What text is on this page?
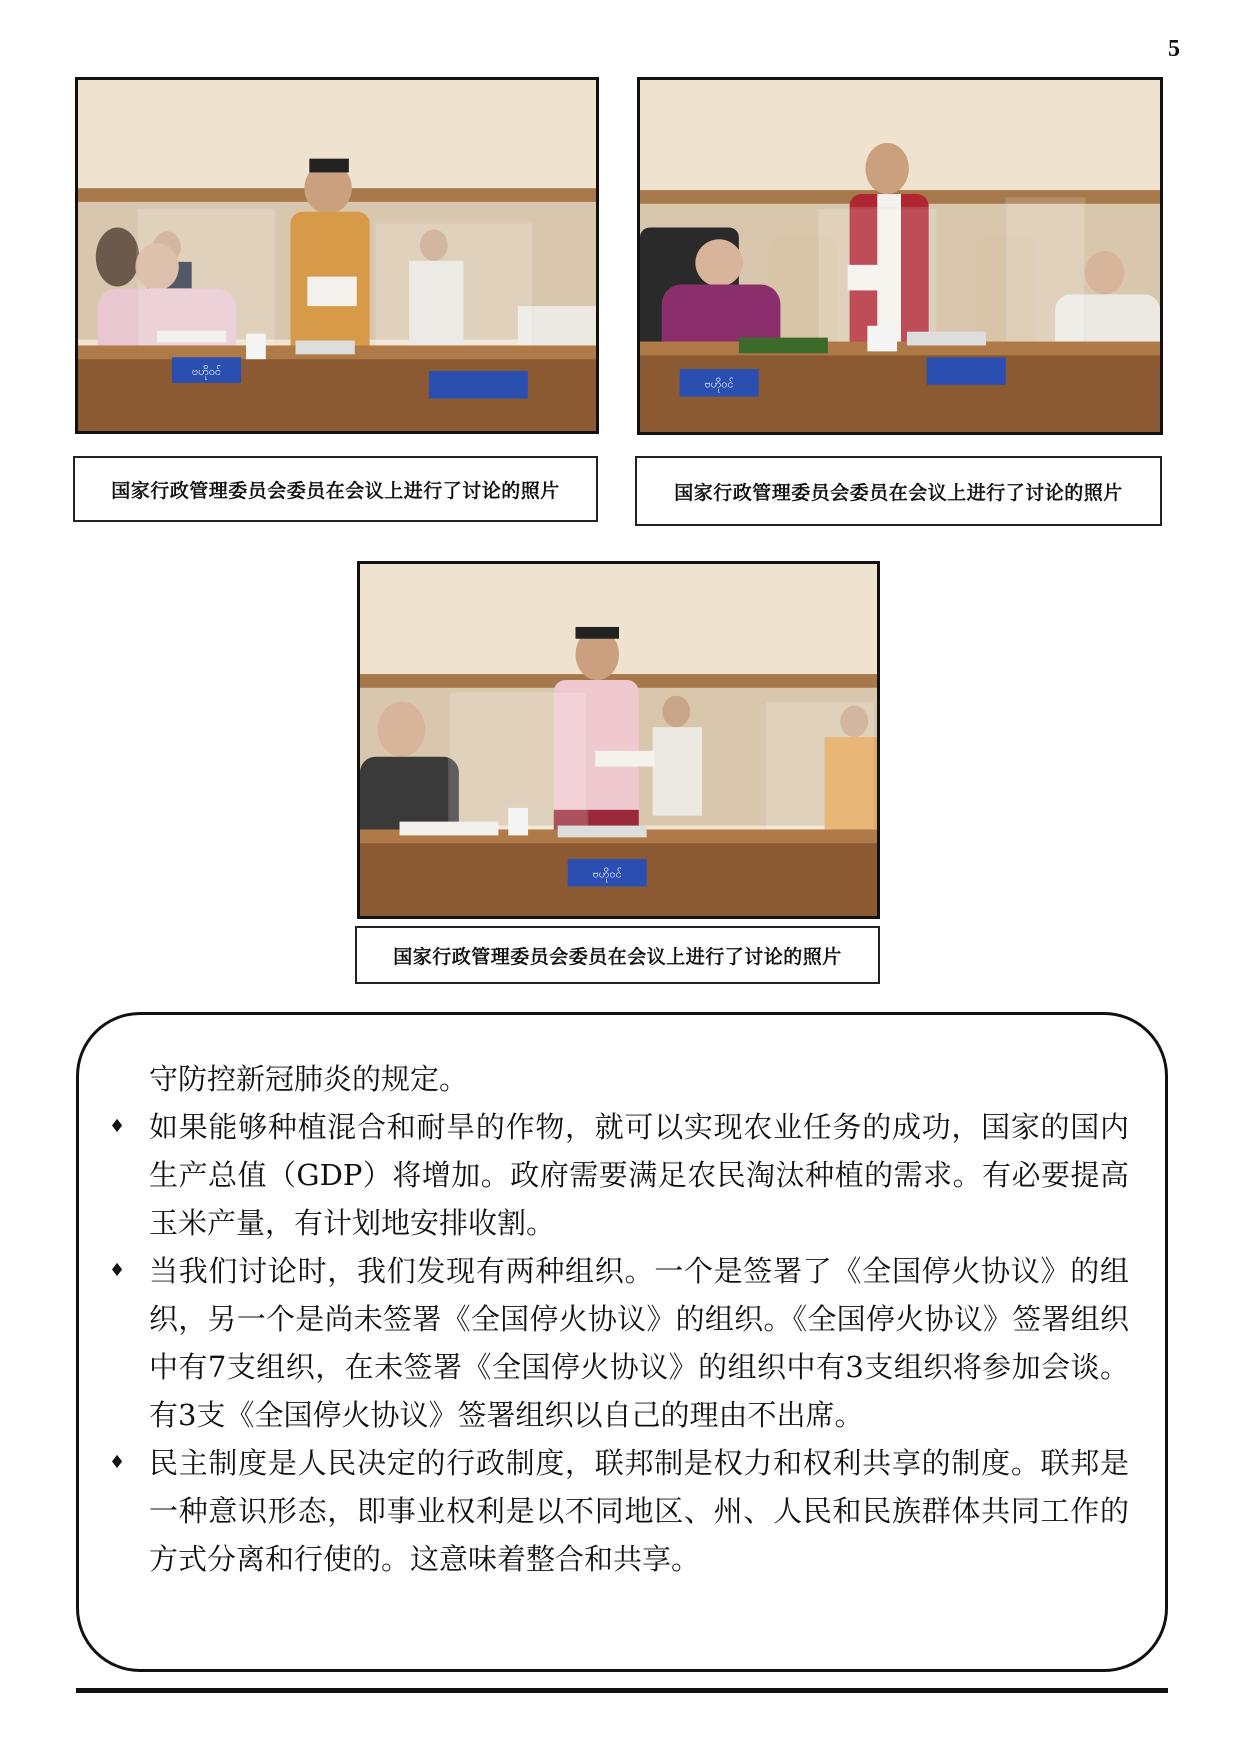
5
ဗဟိုဝင်
国家行政管理委员会委员在会议上进行了讨论的照片
ဗဟိုဝင်
国家行政管理委员会委员在会议上进行了讨论的照片
ဗဟိုဝင်
国家行政管理委员会委员在会议上进行了讨论的照片

守防控新冠肺炎的规定。

♦ 如果能够种植混合和耐旱的作物，就可以实现农业任务的成功，国家的国内生产总值（GDP）将增加。政府需要满足农民淘汰种植的需求。有必要提高玉米产量，有计划地安排收割。
♦ 当我们讨论时，我们发现有两种组织。一个是签署了《全国停火协议》的组织，另一个是尚未签署《全国停火协议》的组织。《全国停火协议》签署组织中有7支组织，在未签署《全国停火协议》的组织中有3支组织将参加会谈。有3支《全国停火协议》签署组织以自己的理由不出席。
♦ 民主制度是人民决定的行政制度，联邦制是权力和权利共享的制度。联邦是一种意识形态，即事业权利是以不同地区、州、人民和民族群体共同工作的方式分离和行使的。这意味着整合和共享。
